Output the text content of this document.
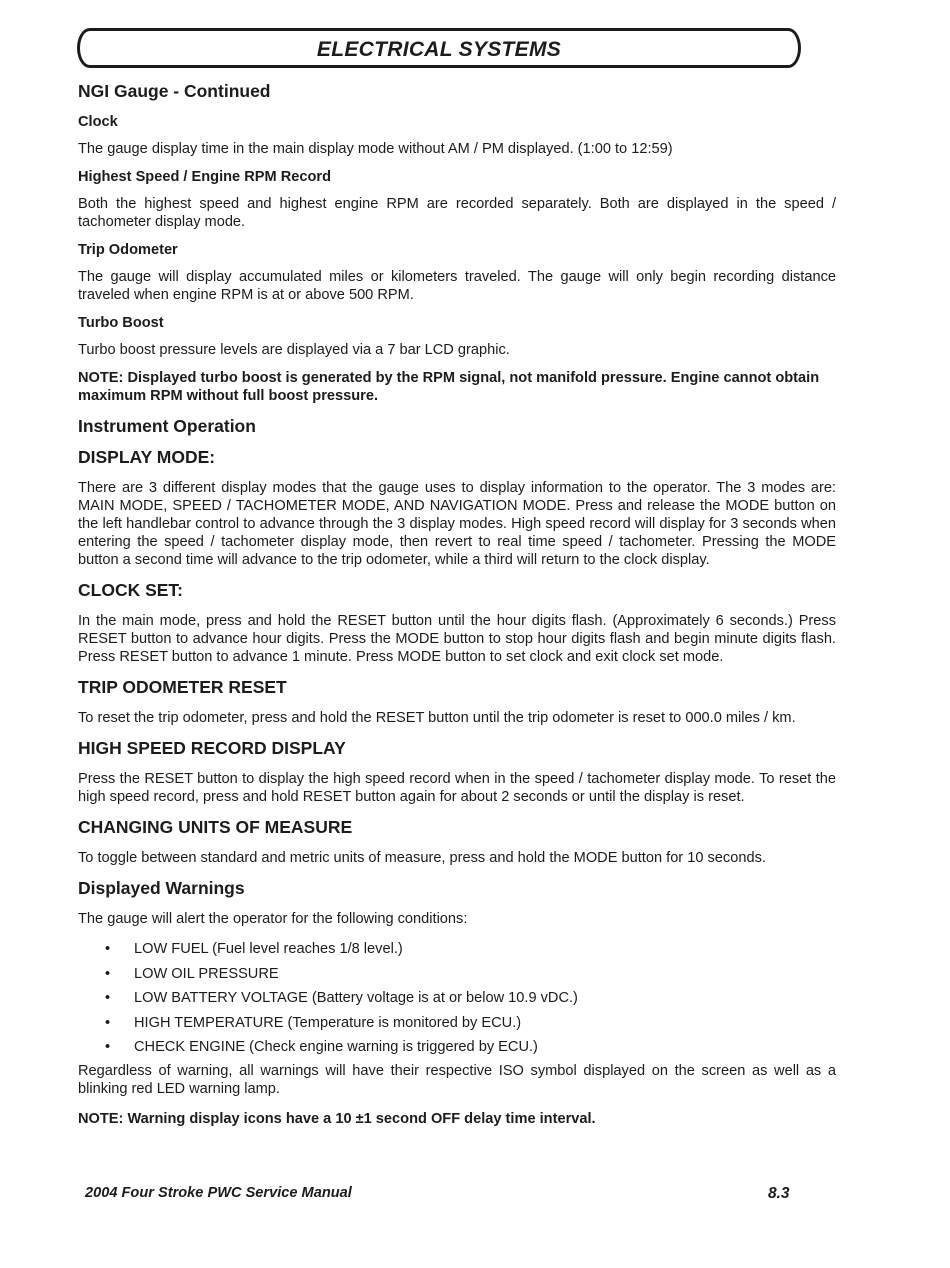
ELECTRICAL SYSTEMS
NGI Gauge - Continued
Clock

The gauge display time in the main display mode without AM / PM displayed. (1:00 to 12:59)

Highest Speed / Engine RPM Record

Both the highest speed and highest engine RPM are recorded separately. Both are displayed in the speed / tachometer display mode.

Trip Odometer

The gauge will display accumulated miles or kilometers traveled. The gauge will only begin recording distance traveled when engine RPM is at or above 500 RPM.

Turbo Boost

Turbo boost pressure levels are displayed via a 7 bar LCD graphic.

NOTE: Displayed turbo boost is generated by the RPM signal, not manifold pressure. Engine cannot obtain maximum RPM without full boost pressure.

Instrument Operation
DISPLAY MODE:

There are 3 different display modes that the gauge uses to display information to the operator. The 3 modes are: MAIN MODE, SPEED / TACHOMETER MODE, AND NAVIGATION MODE. Press and release the MODE button on the left handlebar control to advance through the 3 display modes. High speed record will display for 3 seconds when entering the speed / tachometer display mode, then revert to real time speed / tachometer. Pressing the MODE button a second time will advance to the trip odometer, while a third will return to the clock display.

CLOCK SET:

In the main mode, press and hold the RESET button until the hour digits flash. (Approximately 6 seconds.) Press RESET button to advance hour digits. Press the MODE button to stop hour digits flash and begin minute digits flash. Press RESET button to advance 1 minute. Press MODE button to set clock and exit clock set mode.

TRIP ODOMETER RESET

To reset the trip odometer, press and hold the RESET button until the trip odometer is reset to 000.0 miles / km.

HIGH SPEED RECORD DISPLAY

Press the RESET button to display the high speed record when in the speed / tachometer display mode. To reset the high speed record, press and hold RESET button again for about 2 seconds or until the display is reset.

CHANGING UNITS OF MEASURE

To toggle between standard and metric units of measure, press and hold the MODE button for 10 seconds.

Displayed Warnings

The gauge will alert the operator for the following conditions:

• LOW FUEL (Fuel level reaches 1/8 level.)
• LOW OIL PRESSURE
• LOW BATTERY VOLTAGE (Battery voltage is at or below 10.9 vDC.)
• HIGH TEMPERATURE (Temperature is monitored by ECU.)
• CHECK ENGINE (Check engine warning is triggered by ECU.)

Regardless of warning, all warnings will have their respective ISO symbol displayed on the screen as well as a blinking red LED warning lamp.

NOTE: Warning display icons have a 10 ±1 second OFF delay time interval.

2004 Four Stroke PWC Service Manual	8.3
